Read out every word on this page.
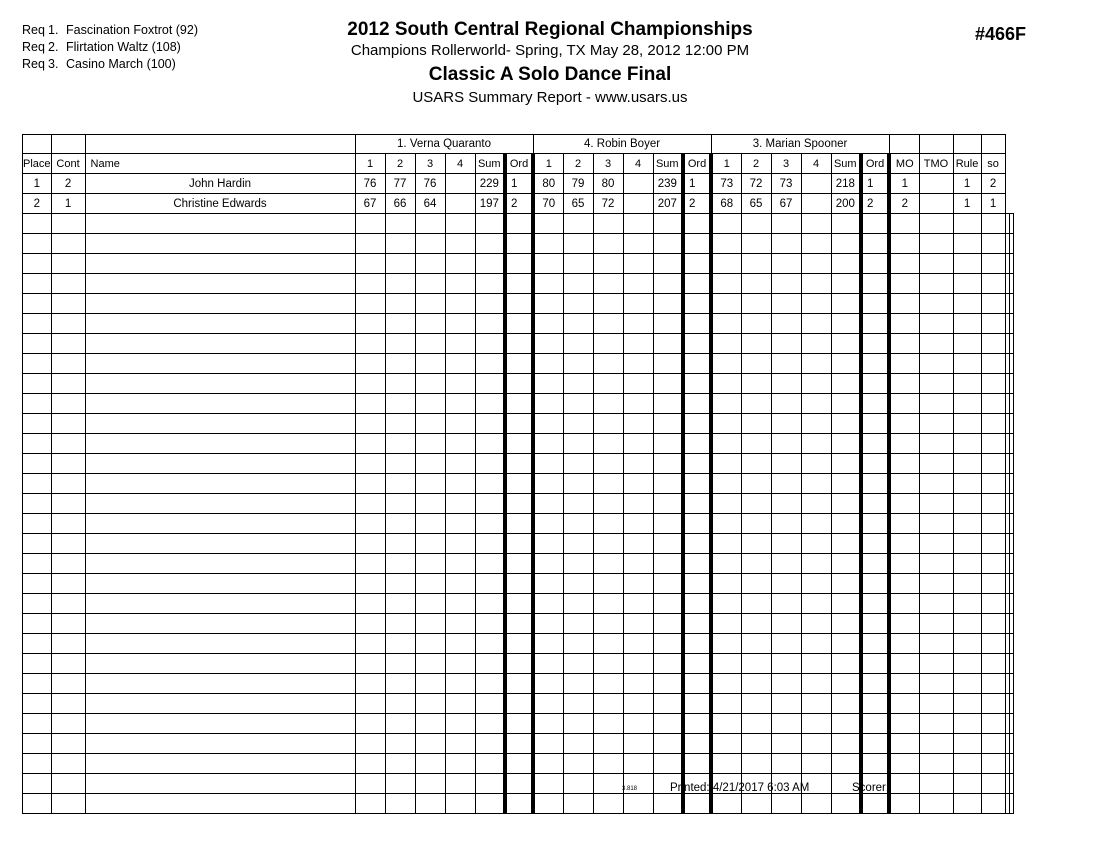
Req 1. Fascination Foxtrot (92)
Req 2. Flirtation Waltz (108)
Req 3. Casino March (100)
2012 South Central Regional Championships
Champions Rollerworld- Spring, TX May 28, 2012 12:00 PM
Classic A Solo Dance Final
USARS Summary Report - www.usars.us
#466F
			1. Verna Quaranto						4. Robin Boyer						3. Marian Spooner											
Place	Cont	Name	1	2	3	4	Sum	Ord	1	2	3	4	Sum	Ord	1	2	3	4	Sum	Ord	MO	TMO	Rule	so		
1	2	John Hardin	76	77	76		229	1	80	79	80		239	1	73	72	73		218	1	1		1	2		
2	1	Christine Edwards	67	66	64		197	2	70	65	72		207	2	68	65	67		200	2	2		1	1		

3.818	Printed: 4/21/2017 6:03 AM	Scorer:
